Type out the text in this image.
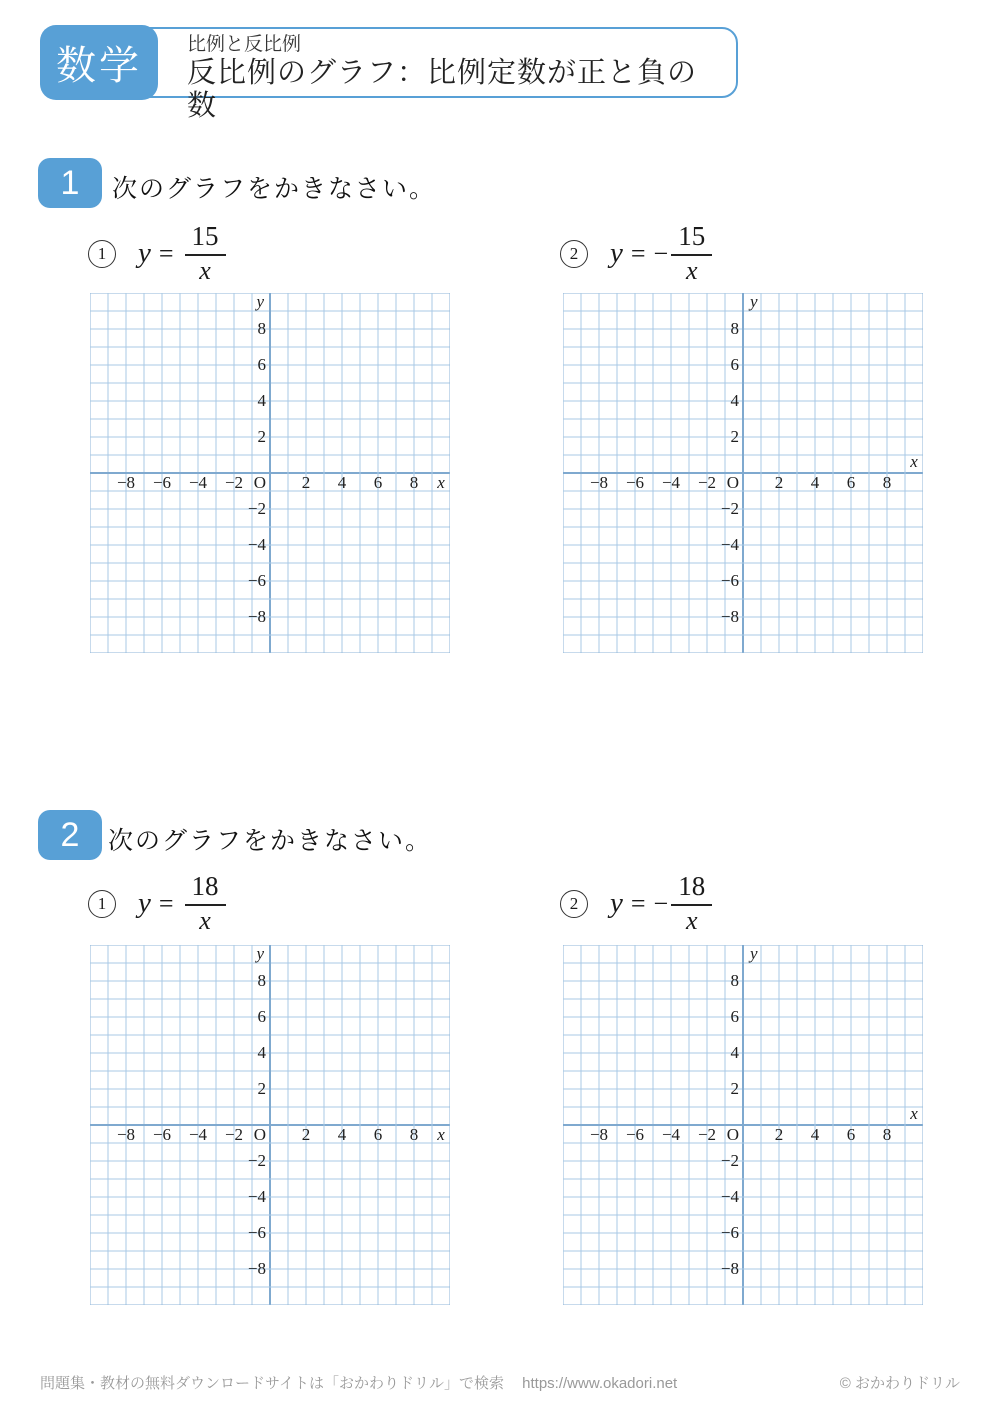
比例と反比例
反比例のグラフ：比例定数が正と負の数
数学
1 次のグラフをかきなさい。
1 $y = \frac{15}{x}$	2 y = − $\frac{15}{x}$
−8 −6 −4 −2	2 4 6 8
8
6
4
2
−2
−4
−6
−8
O
y
x	−8 −6 −4 −2	2 4 6 8
8
6
4
2
−2
−4
−6
−8
O
y
x
2 次のグラフをかきなさい。
1 $y = \frac{18}{x}$	2 y = − $\frac{18}{x}$
−8 −6 −4 −2	2 4 6 8
8
6
4
2
−2
−4
−6
−8
O
y
x	−8 −6 −4 −2	2 4 6 8
8
6
4
2
−2
−4
−6
−8
O
y
x
問題集・教材の無料ダウンロードサイトは「おかわりドリル」で検索 https://www.okadori.net	© おかわりドリル
